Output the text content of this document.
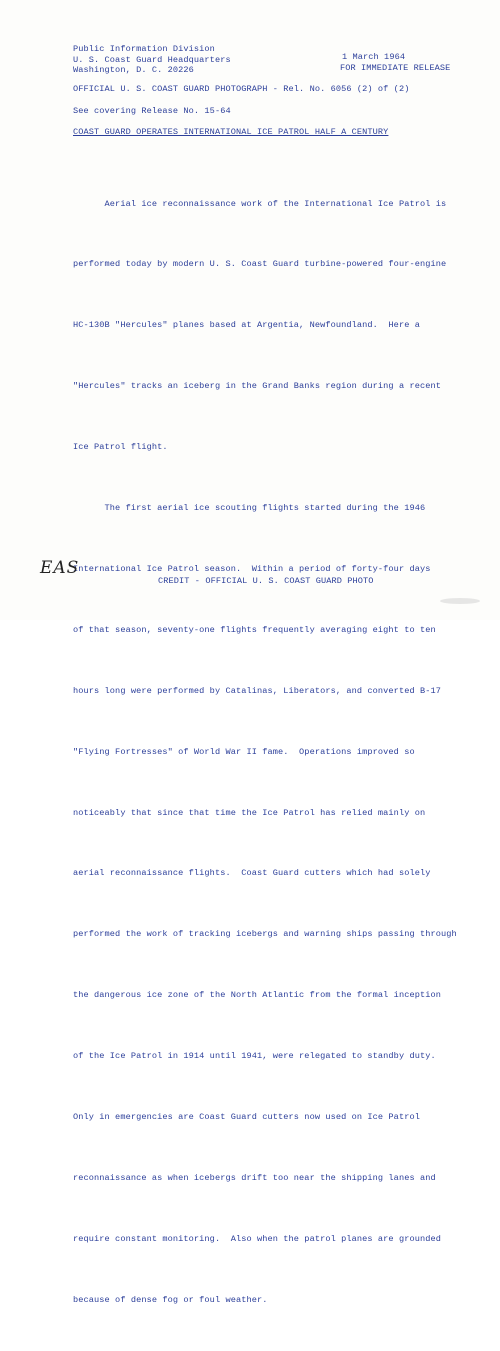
Public Information Division
U. S. Coast Guard Headquarters
Washington, D. C. 20226
1 March 1964
FOR IMMEDIATE RELEASE
OFFICIAL U. S. COAST GUARD PHOTOGRAPH - Rel. No. 6056 (2) of (2)
See covering Release No. 15-64
COAST GUARD OPERATES INTERNATIONAL ICE PATROL HALF A CENTURY

Aerial ice reconnaissance work of the International Ice Patrol is

performed today by modern U. S. Coast Guard turbine-powered four-engine

HC-130B "Hercules" planes based at Argentia, Newfoundland.  Here a

"Hercules" tracks an iceberg in the Grand Banks region during a recent

Ice Patrol flight.

The first aerial ice scouting flights started during the 1946

International Ice Patrol season.  Within a period of forty-four days

of that season, seventy-one flights frequently averaging eight to ten

hours long were performed by Catalinas, Liberators, and converted B-17

"Flying Fortresses" of World War II fame.  Operations improved so

noticeably that since that time the Ice Patrol has relied mainly on

aerial reconnaissance flights.  Coast Guard cutters which had solely

performed the work of tracking icebergs and warning ships passing through

the dangerous ice zone of the North Atlantic from the formal inception

of the Ice Patrol in 1914 until 1941, were relegated to standby duty.

Only in emergencies are Coast Guard cutters now used on Ice Patrol

reconnaissance as when icebergs drift too near the shipping lanes and

require constant monitoring.  Also when the patrol planes are grounded

because of dense fog or foul weather.

EAS
CREDIT - OFFICIAL U. S. COAST GUARD PHOTO
